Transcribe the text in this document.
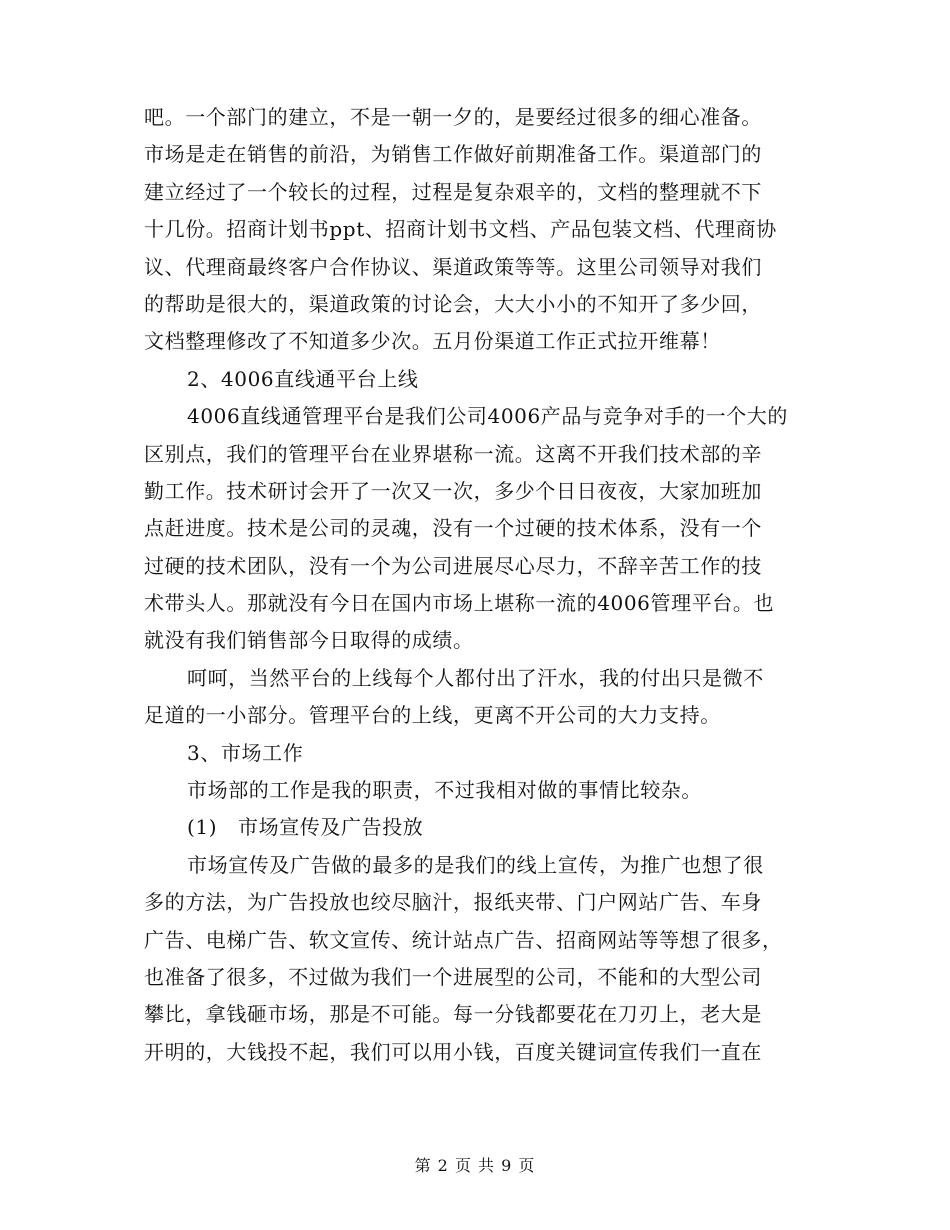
吧。一个部门的建立，不是一朝一夕的，是要经过很多的细心准备。
市场是走在销售的前沿，为销售工作做好前期准备工作。渠道部门的
建立经过了一个较长的过程，过程是复杂艰辛的，文档的整理就不下
十几份。招商计划书ppt、招商计划书文档、产品包装文档、代理商协
议、代理商最终客户合作协议、渠道政策等等。这里公司领导对我们
的帮助是很大的，渠道政策的讨论会，大大小小的不知开了多少回，
文档整理修改了不知道多少次。五月份渠道工作正式拉开维幕！
2、4006直线通平台上线
4006直线通管理平台是我们公司4006产品与竞争对手的一个大的
区别点，我们的管理平台在业界堪称一流。这离不开我们技术部的辛
勤工作。技术研讨会开了一次又一次，多少个日日夜夜，大家加班加
点赶进度。技术是公司的灵魂，没有一个过硬的技术体系，没有一个
过硬的技术团队，没有一个为公司进展尽心尽力，不辞辛苦工作的技
术带头人。那就没有今日在国内市场上堪称一流的4006管理平台。也
就没有我们销售部今日取得的成绩。
呵呵，当然平台的上线每个人都付出了汗水，我的付出只是微不
足道的一小部分。管理平台的上线，更离不开公司的大力支持。
3、市场工作
市场部的工作是我的职责，不过我相对做的事情比较杂。
(1)   市场宣传及广告投放
市场宣传及广告做的最多的是我们的线上宣传，为推广也想了很
多的方法，为广告投放也绞尽脑汁，报纸夹带、门户网站广告、车身
广告、电梯广告、软文宣传、统计站点广告、招商网站等等想了很多，
也准备了很多，不过做为我们一个进展型的公司，不能和的大型公司
攀比，拿钱砸市场，那是不可能。每一分钱都要花在刀刃上，老大是
开明的，大钱投不起，我们可以用小钱，百度关键词宣传我们一直在
第 2 页 共 9 页
